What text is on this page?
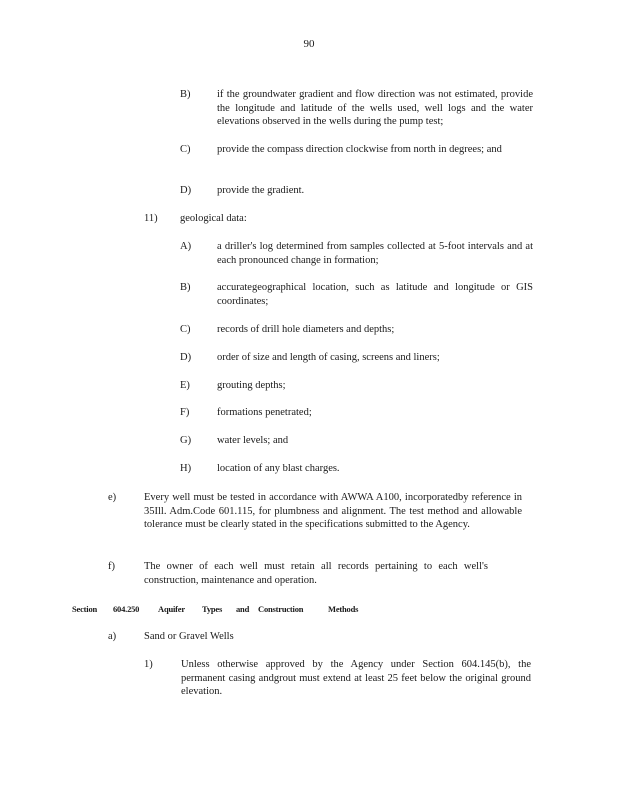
90
B)	if the groundwater gradient and flow direction was not estimated, provide the longitude and latitude of the wells used, well logs and the water elevations observed in the wells during the pump test;
C)	provide the compass direction clockwise from north in degrees; and
D) provide the gradient.
11) geological data:
A) a driller's log determined from samples collected at 5-foot intervals and at each pronounced change in formation;
B)	accurategeographical location, such as latitude and longitude or GIS coordinates;
C)	records of drill hole diameters and depths;
D) order of size and length of casing, screens and liners;
E)	grouting depths;
F)	formations penetrated;
G) water levels; and
H) location of any blast charges.
e)	Every well must be tested in accordance with AWWA A100, incorporatedby reference in 35Ill. Adm.Code 601.115, for plumbness and alignment. The test method and allowable tolerance must be clearly stated in the specifications submitted to the Agency.
f)	The owner of each well must retain all records pertaining to each well's construction, maintenance and operation.
Section 604.250 Aquifer Types and Construction	Methods
a)	Sand or Gravel Wells
1)	Unless otherwise approved by the Agency under Section 604.145(b), the permanent casing andgrout must extend at least 25 feet below the original ground elevation.
